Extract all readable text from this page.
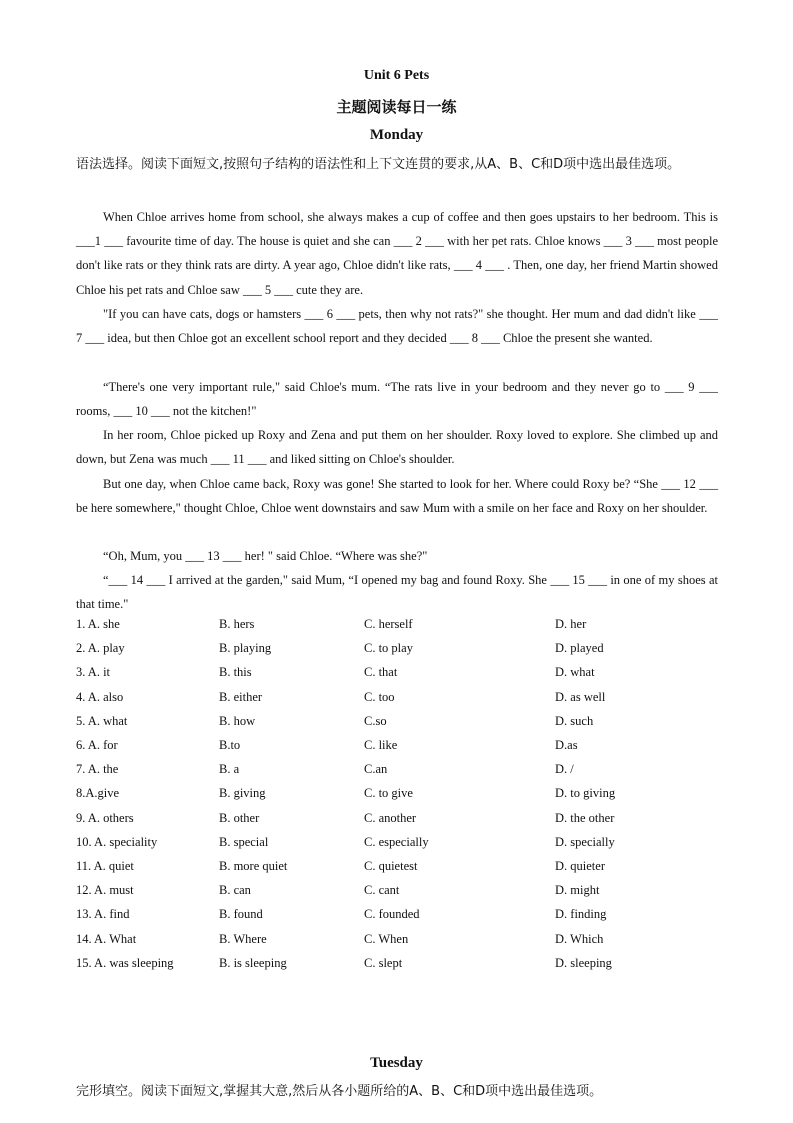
Unit 6 Pets
主题阅读每日一练
Monday
语法选择。阅读下面短文,按照句子结构的语法性和上下文连贯的要求,从A、B、C和D项中选出最佳选项。
When Chloe arrives home from school, she always makes a cup of coffee and then goes upstairs to her bedroom. This is ___1 ___ favourite time of day. The house is quiet and she can ___ 2 ___ with her pet rats. Chloe knows ___ 3 ___ most people don't like rats or they think rats are dirty. A year ago, Chloe didn't like rats, ___ 4 ___ . Then, one day, her friend Martin showed Chloe his pet rats and Chloe saw ___ 5 ___ cute they are.
"If you can have cats, dogs or hamsters ___ 6 ___ pets, then why not rats?" she thought. Her mum and dad didn't like ___ 7 ___ idea, but then Chloe got an excellent school report and they decided ___ 8 ___ Chloe the present she wanted.
“There's one very important rule," said Chloe's mum. “The rats live in your bedroom and they never go to ___ 9 ___ rooms, ___ 10 ___ not the kitchen!"
In her room, Chloe picked up Roxy and Zena and put them on her shoulder. Roxy loved to explore. She climbed up and down, but Zena was much ___ 11 ___ and liked sitting on Chloe's shoulder.
But one day, when Chloe came back, Roxy was gone! She started to look for her. Where could Roxy be? “She ___ 12 ___ be here somewhere," thought Chloe, Chloe went downstairs and saw Mum with a smile on her face and Roxy on her shoulder.
“Oh, Mum, you ___ 13 ___ her! " said Chloe. “Where was she?"
“___ 14 ___ I arrived at the garden," said Mum, “I opened my bag and found Roxy. She ___ 15 ___ in one of my shoes at that time."
1. A. she	B. hers	C. herself	D. her
2. A. play	B. playing	C. to play	D. played
3. A. it	B. this	C. that	D. what
4. A. also	B. either	C. too	D. as well
5. A. what	B. how	C.so	D. such
6. A. for	B.to	C. like	D.as
7. A. the	B. a	C.an	D. /
8.A.give	B. giving	C. to give	D. to giving
9. A. others	B. other	C. another	D. the other
10. A. speciality	B. special	C. especially	D. specially
11. A. quiet	B. more quiet	C. quietest	D. quieter
12. A. must	B. can	C. cant	D. might
13. A. find	B. found	C. founded	D. finding
14. A. What	B. Where	C. When	D. Which
15. A. was sleeping	B. is sleeping	C. slept	D. sleeping
Tuesday
完形填空。阅读下面短文,掌握其大意,然后从各小题所给的A、B、C和D项中选出最佳选项。
